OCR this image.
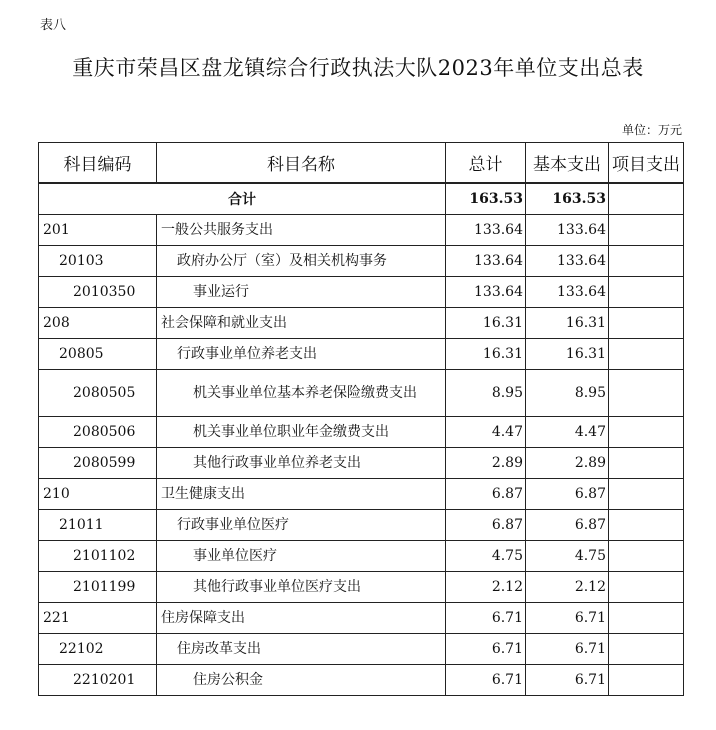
表八
重庆市荣昌区盘龙镇综合行政执法大队2023年单位支出总表
单位：万元
科目编码	科目名称	总计	基本支出	项目支出
合计		163.53	163.53	
201	一般公共服务支出	133.64	133.64	
20103	政府办公厅（室）及相关机构事务	133.64	133.64	
2010350	事业运行	133.64	133.64	
208	社会保障和就业支出	16.31	16.31	
20805	行政事业单位养老支出	16.31	16.31	
2080505	机关事业单位基本养老保险缴费支出	8.95	8.95	
2080506	机关事业单位职业年金缴费支出	4.47	4.47	
2080599	其他行政事业单位养老支出	2.89	2.89	
210	卫生健康支出	6.87	6.87	
21011	行政事业单位医疗	6.87	6.87	
2101102	事业单位医疗	4.75	4.75	
2101199	其他行政事业单位医疗支出	2.12	2.12	
221	住房保障支出	6.71	6.71	
22102	住房改革支出	6.71	6.71	
2210201	住房公积金	6.71	6.71	
